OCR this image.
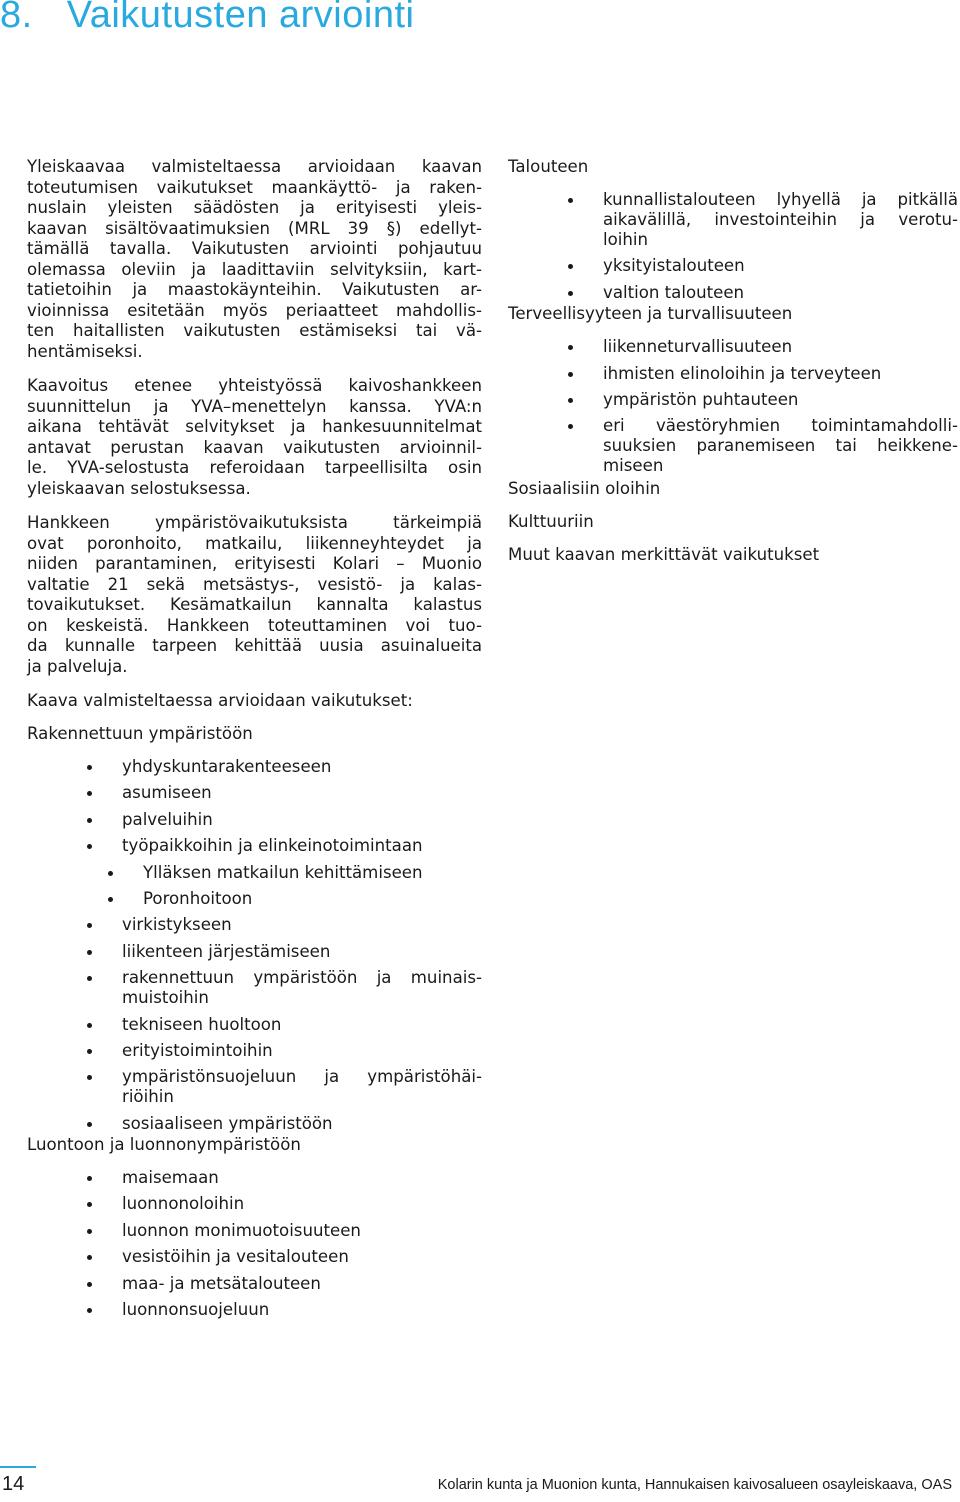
8. Vaikutusten arviointi

Yleiskaavaa valmisteltaessa arvioidaan kaavan
toteutumisen vaikutukset maankäyttö- ja raken-
nuslain yleisten säädösten ja erityisesti yleis-
kaavan sisältövaatimuksien (MRL 39 §) edellyt-
tämällä tavalla. Vaikutusten arviointi pohjautuu
olemassa oleviin ja laadittaviin selvityksiin, kart-
tatietoihin ja maastokäynteihin. Vaikutusten ar-
vioinnissa esitetään myös periaatteet mahdollis-
ten haitallisten vaikutusten estämiseksi tai vä-
hentämiseksi.

Kaavoitus etenee yhteistyössä kaivoshankkeen
suunnittelun ja YVA–menettelyn kanssa. YVA:n
aikana tehtävät selvitykset ja hankesuunnitelmat
antavat perustan kaavan vaikutusten arvioinnil-
le. YVA-selostusta referoidaan tarpeellisilta osin
yleiskaavan selostuksessa.

Hankkeen ympäristövaikutuksista tärkeimpiä
ovat poronhoito, matkailu, liikenneyhteydet ja
niiden parantaminen, erityisesti Kolari – Muonio
valtatie 21 sekä metsästys-, vesistö- ja kalas-
tovaikutukset. Kesämatkailun kannalta kalastus
on keskeistä. Hankkeen toteuttaminen voi tuo-
da kunnalle tarpeen kehittää uusia asuinalueita
ja palveluja.

Kaava valmisteltaessa arvioidaan vaikutukset:
Rakennettuun ympäristöön
yhdyskuntarakenteeseen
asumiseen
palveluihin
työpaikkoihin ja elinkeinotoimintaan
Ylläksen matkailun kehittämiseen
Poronhoitoon
virkistykseen
liikenteen järjestämiseen
rakennettuun ympäristöön ja muinais-
muistoihin
tekniseen huoltoon
erityistoimintoihin
ympäristönsuojeluun ja ympäristöhäi-
riöihin
sosiaaliseen ympäristöön
Luontoon ja luonnonympäristöön
maisemaan
luonnonoloihin
luonnon monimuotoisuuteen
vesistöihin ja vesitalouteen
maa- ja metsätalouteen
luonnonsuojeluun
Talouteen
kunnallistalouteen lyhyellä ja pitkällä
aikavälillä, investointeihin ja verotu-
loihin
yksityistalouteen
valtion talouteen
Terveellisyyteen ja turvallisuuteen
liikenneturvallisuuteen
ihmisten elinoloihin ja terveyteen
ympäristön puhtauteen
eri väestöryhmien toimintamahdolli-
suuksien paranemiseen tai heikkene-
miseen
Sosiaalisiin oloihin
Kulttuuriin
Muut kaavan merkittävät vaikutukset
14	Kolarin kunta ja Muonion kunta, Hannukaisen kaivosalueen osayleiskaava, OAS
